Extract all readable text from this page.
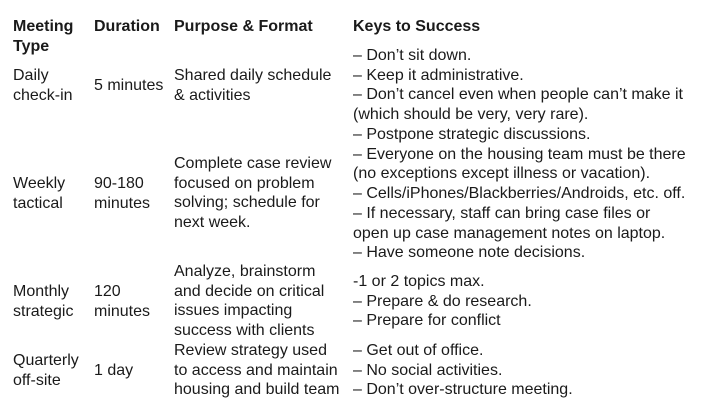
Meeting
Type
Duration Purpose & Format	Keys to Success
Daily
check-in
5 minutes
Shared daily schedule
& activities
– Don’t sit down.
– Keep it administrative.
– Don’t cancel even when people can’t make it
(which should be very, very rare).
Weekly
tactical
90-180
minutes
Complete case review
focused on problem
solving; schedule for
next week.
– Postpone strategic discussions.
– Everyone on the housing team must be there
(no exceptions except illness or vacation).
– Cells/iPhones/Blackberries/Androids, etc. off.
– If necessary, staff can bring case files or
open up case management notes on laptop.
– Have someone note decisions.
Monthly
strategic
120
minutes
Analyze, brainstorm
and decide on critical
issues impacting
success with clients
-1 or 2 topics max.
– Prepare & do research.
– Prepare for conflict
Quarterly
off-site
1 day
Review strategy used
to access and maintain
housing and build team
– Get out of office.
– No social activities.
– Don’t over-structure meeting.
